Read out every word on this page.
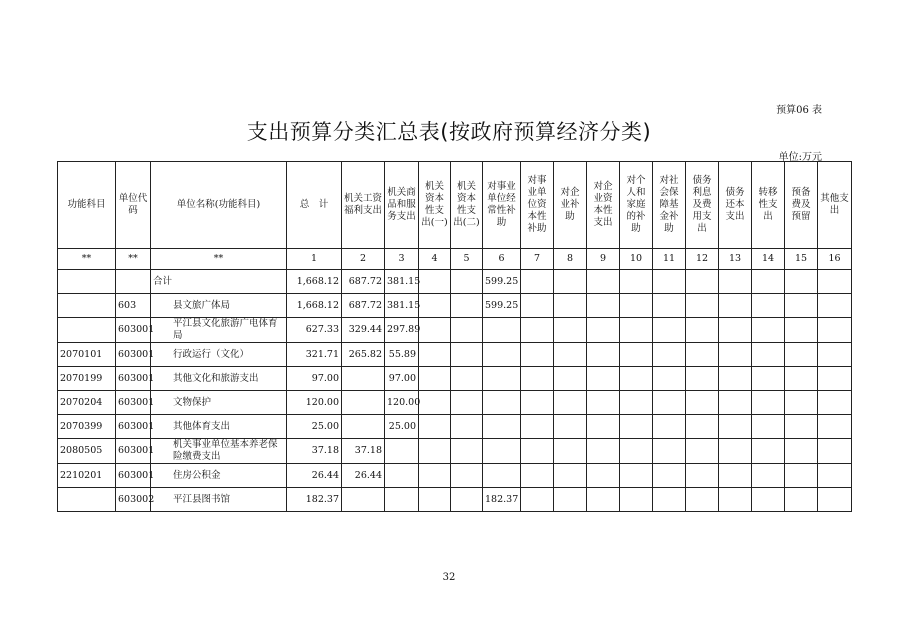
预算06 表
支出预算分类汇总表(按政府预算经济分类)
单位:万元
功能科目	单位代码	单位名称(功能科目)	总　计	机关工资福利支出	机关商品和服务支出	机关资本性支出(一)	机关资本性支出(二)	对事业单位经常性补助	对事业单位资本性补助	对企业补助	对企业资本性支出	对个人和家庭的补助	对社会保障基金补助	债务利息及费用支出	债务还本支出	转移性支出	预备费及预留	其他支出
**	**	**	1	2	3	4	5	6	7	8	9	10	11	12	13	14	15	16
		合计	1,668.12	687.72	381.15			599.25										
	603	县文旅广体局	1,668.12	687.72	381.15			599.25										
	603001	平江县文化旅游广电体育局	627.33	329.44	297.89													
2070101	603001	行政运行（文化）	321.71	265.82	55.89													
2070199	603001	其他文化和旅游支出	97.00		97.00													
2070204	603001	文物保护	120.00		120.00													
2070399	603001	其他体育支出	25.00		25.00													
2080505	603001	机关事业单位基本养老保险缴费支出	37.18	37.18														
2210201	603001	住房公积金	26.44	26.44														
	603002	平江县图书馆	182.37					182.37										
32
